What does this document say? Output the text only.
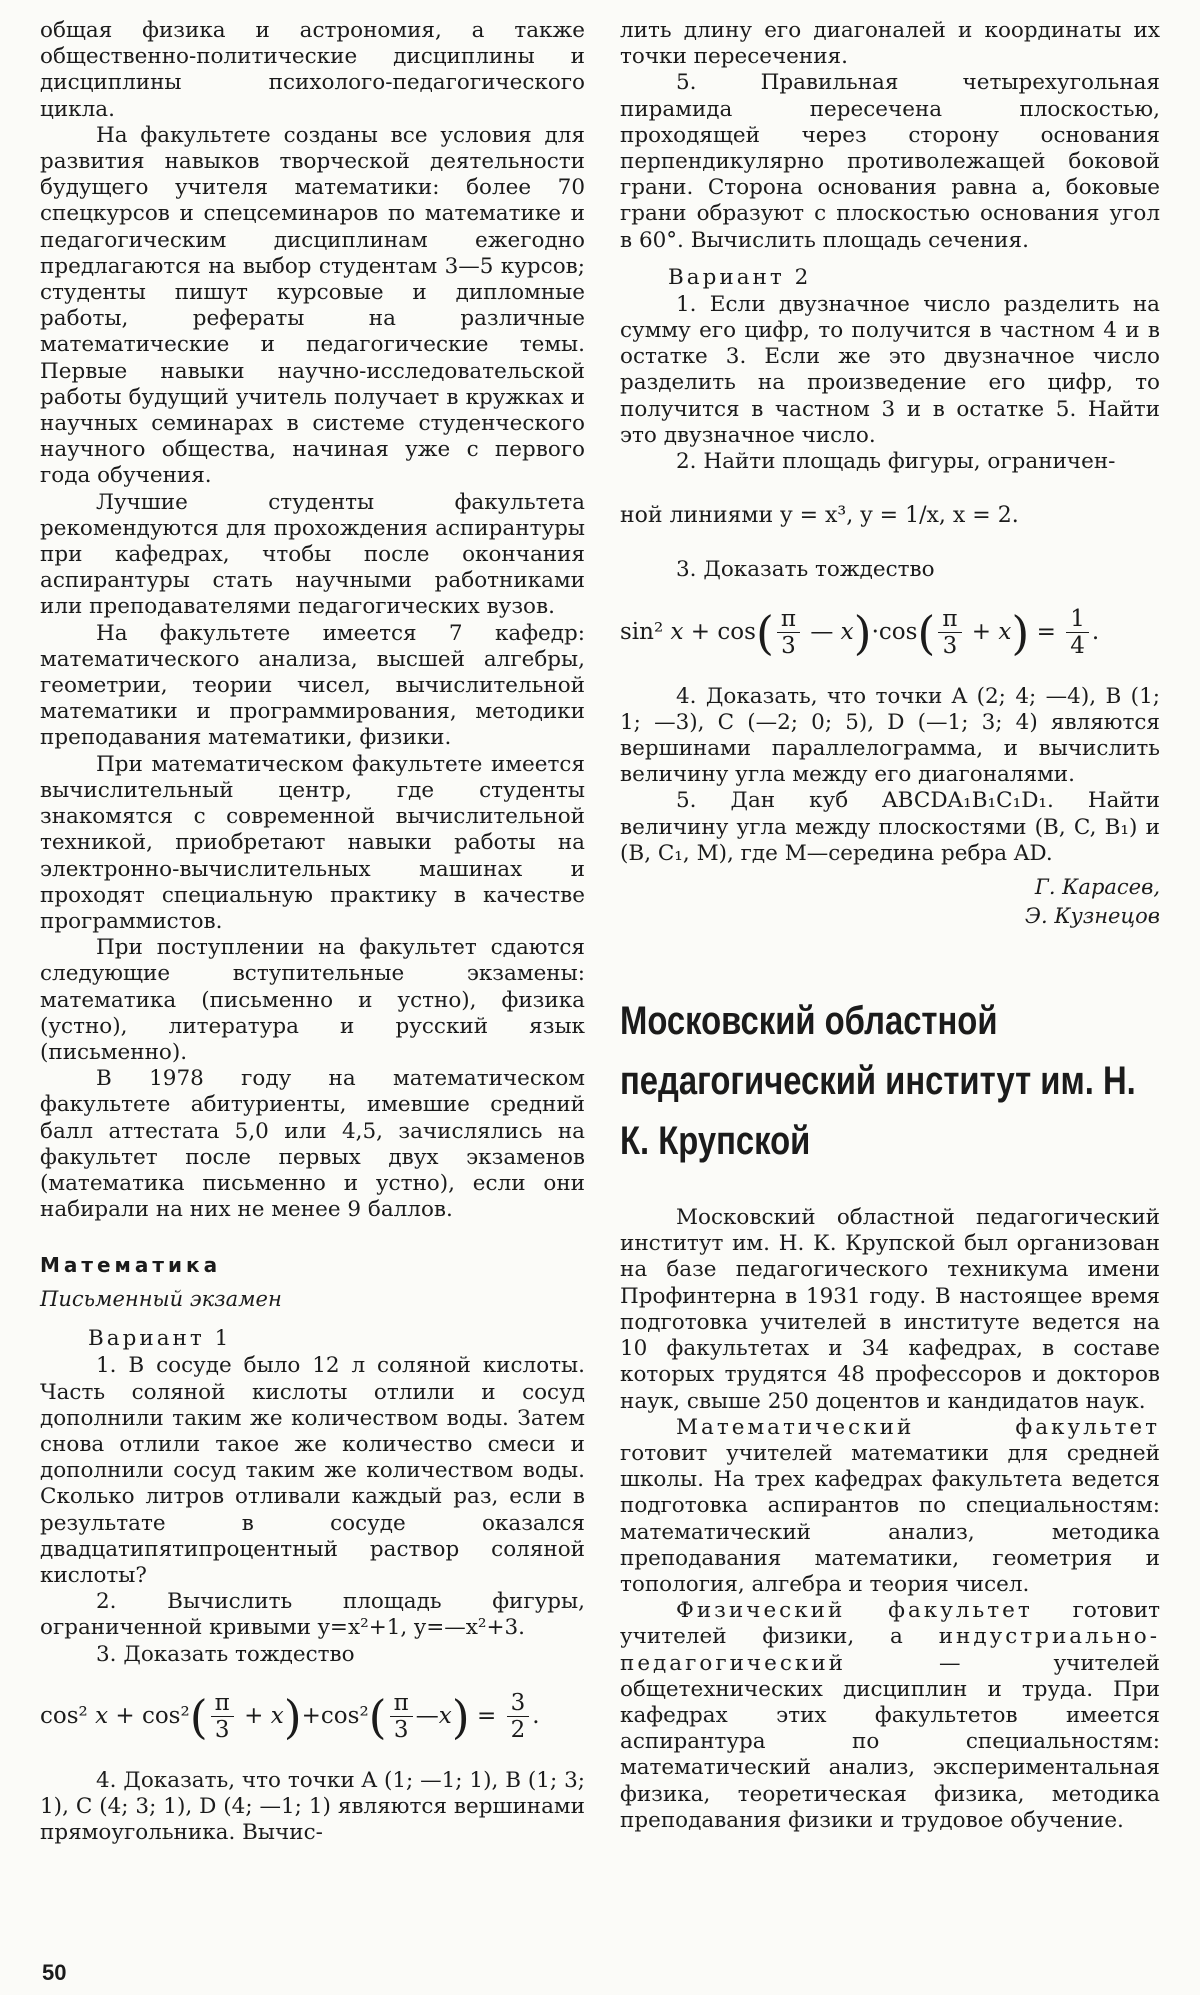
общая физика и астрономия, а также общественно-политические дисциплины и дисциплины психолого-педагогического цикла.

На факультете созданы все условия для развития навыков творческой деятельности будущего учителя математики: более 70 спецкурсов и спецсеминаров по математике и педагогическим дисциплинам ежегодно предлагаются на выбор студентам 3—5 курсов; студенты пишут курсовые и дипломные работы, рефераты на различные математические и педагогические темы. Первые навыки научно-исследовательской работы будущий учитель получает в кружках и научных семинарах в системе студенческого научного общества, начиная уже с первого года обучения.

Лучшие студенты факультета рекомендуются для прохождения аспирантуры при кафедрах, чтобы после окончания аспирантуры стать научными работниками или преподавателями педагогических вузов.

На факультете имеется 7 кафедр: математического анализа, высшей алгебры, геометрии, теории чисел, вычислительной математики и программирования, методики преподавания математики, физики.

При математическом факультете имеется вычислительный центр, где студенты знакомятся с современной вычислительной техникой, приобретают навыки работы на электронно-вычислительных машинах и проходят специальную практику в качестве программистов.

При поступлении на факультет сдаются следующие вступительные экзамены: математика (письменно и устно), физика (устно), литература и русский язык (письменно).

В 1978 году на математическом факультете абитуриенты, имевшие средний балл аттестата 5,0 или 4,5, зачислялись на факультет после первых двух экзаменов (математика письменно и устно), если они набирали на них не менее 9 баллов.

Математика
Письменный экзамен
Вариант 1

1. В сосуде было 12 л соляной кислоты. Часть соляной кислоты отлили и сосуд дополнили таким же количеством воды. Затем снова отлили такое же количество смеси и дополнили сосуд таким же количеством воды. Сколько литров отливали каждый раз, если в результате в сосуде оказался двадцатипятипроцентный раствор соляной кислоты?

2. Вычислить площадь фигуры, ограниченной кривыми y=x²+1, y=—x²+3.

3. Доказать тождество

cos² $x + \cos^2( \frac{\pi}{3} + x)+\cos^2( \frac{\pi}{3}$ —x) = $\frac{3}{2}$ .

4. Доказать, что точки A (1; —1; 1), B (1; 3; 1), C (4; 3; 1), D (4; —1; 1) являются вершинами прямоугольника. Вычис-

лить длину его диагоналей и координаты их точки пересечения.

5. Правильная четырехугольная пирамида пересечена плоскостью, проходящей через сторону основания перпендикулярно противолежащей боковой грани. Сторона основания равна a, боковые грани образуют с плоскостью основания угол в 60°. Вычислить площадь сечения.

Вариант 2

1. Если двузначное число разделить на сумму его цифр, то получится в частном 4 и в остатке 3. Если же это двузначное число разделить на произведение его цифр, то получится в частном 3 и в остатке 5. Найти это двузначное число.

2. Найти площадь фигуры, ограничен-

ной линиями y = x³, y = 1/x, x = 2.

3. Доказать тождество

sin² $x + \cos( \frac{\pi}{3}$ — $x)\cdot\cos( \frac{\pi}{3} + x) = \frac{1}{4}$ .

4. Доказать, что точки A (2; 4; —4), B (1; 1; —3), C (—2; 0; 5), D (—1; 3; 4) являются вершинами параллелограмма, и вычислить величину угла между его диагоналями.

5. Дан куб ABCDA₁B₁C₁D₁. Найти величину угла между плоскостями (B, C, B₁) и (B, C₁, M), где M—середина ребра AD.

Г. Карасев,
Э. Кузнецов
Московский областной педагогический институт им. Н. К. Крупской

Московский областной педагогический институт им. Н. К. Крупской был организован на базе педагогического техникума имени Профинтерна в 1931 году. В настоящее время подготовка учителей в институте ведется на 10 факультетах и 34 кафедрах, в составе которых трудятся 48 профессоров и докторов наук, свыше 250 доцентов и кандидатов наук.

Математический факультет готовит учителей математики для средней школы. На трех кафедрах факультета ведется подготовка аспирантов по специальностям: математический анализ, методика преподавания математики, геометрия и топология, алгебра и теория чисел.

Физический факультет готовит учителей физики, а индустриально-педагогический	— учителей общетехнических дисциплин и труда. При кафедрах этих факультетов имеется аспирантура по специальностям: математический анализ, экспериментальная физика, теоретическая физика, методика преподавания физики и трудовое обучение.

50
